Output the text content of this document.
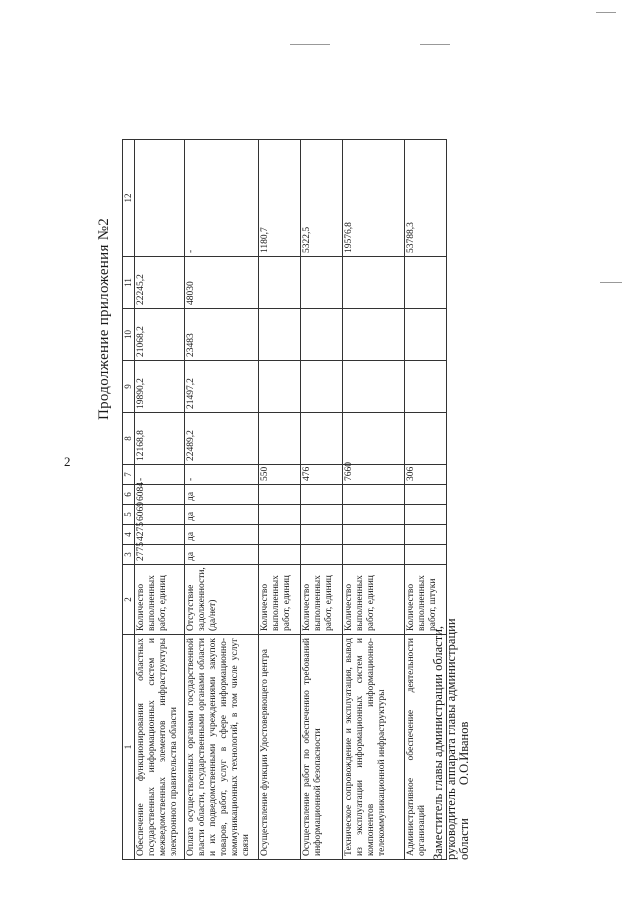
2
Продолжение приложения №2
1	2	3	4	5	6	7	8	9	10	11	12
Обеспечение функционирования областных государственных информационных систем и межведомственных элементов инфраструктуры электронного правительства области	Количество выполненных работ, единиц	2775	4275	6069	6084	-	12168,8	19890,2	21068,2	22245,2	
Оплата осуществленных органами государственной власти области, государственными органами области и их подведомственными учреждениями закупок товаров, работ, услуг в сфере информационно-коммуникационных технологий, в том числе услуг связи	Отсутствие задолженности, (да/нет)	да	да	да	да	-	22489,2	21497,2	23483	48030	-
Осуществление функции Удостоверяющего центра	Количество выполненных работ, единиц					550					1180,7
Осуществление работ по обеспечению требований информационной безопасности	Количество выполненных работ, единиц					476					5322,5
Техническое сопровождение и эксплуатация, вывод из эксплуатации информационных систем и компонентов информационно-телекоммуникационной инфраструктуры	Количество выполненных работ, единиц					7660					19576,8
Административное обеспечение деятельности организаций	Количество выполненных работ, штуки					306					53788,3
Заместитель главы администрации области, руководитель аппарата главы администрации области О.О.Иванов
